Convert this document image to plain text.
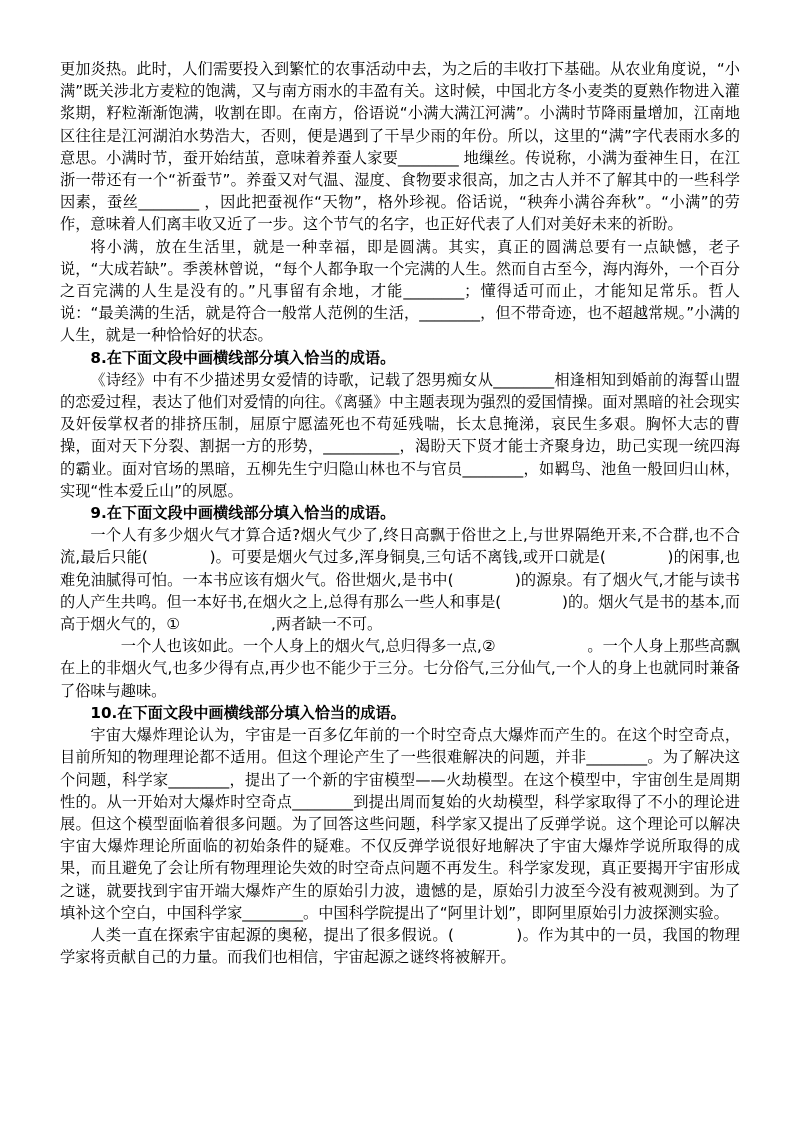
更加炎热。此时，人们需要投入到繁忙的农事活动中去，为之后的丰收打下基础。从农业角度说，“小满”既关涉北方麦粒的饱满，又与南方雨水的丰盈有关。这时候，中国北方冬小麦类的夏熟作物进入灌浆期，籽粒渐渐饱满，收割在即。在南方，俗语说“小满大满江河满”。小满时节降雨量增加，江南地区往往是江河湖泊水势浩大，否则，便是遇到了干旱少雨的年份。所以，这里的“满”字代表雨水多的意思。小满时节，蚕开始结茧，意味着养蚕人家要________ 地缫丝。传说称，小满为蚕神生日，在江浙一带还有一个“祈蚕节”。养蚕又对气温、湿度、食物要求很高，加之古人并不了解其中的一些科学因素，蚕丝________ ，因此把蚕视作“天物”，格外珍视。俗话说，“秧奔小满谷奔秋”。“小满”的劳作，意味着人们离丰收又近了一步。这个节气的名字，也正好代表了人们对美好未来的祈盼。

将小满，放在生活里，就是一种幸福，即是圆满。其实，真正的圆满总要有一点缺憾，老子说，“大成若缺”。季羡林曾说，“每个人都争取一个完满的人生。然而自古至今，海内海外，一个百分之百完满的人生是没有的。”凡事留有余地，才能________；懂得适可而止，才能知足常乐。哲人说：“最美满的生活，就是符合一般常人范例的生活，________，但不带奇迹，也不超越常规。”小满的人生，就是一种恰恰好的状态。

8.在下面文段中画横线部分填入恰当的成语。

《诗经》中有不少描述男女爱情的诗歌，记载了怨男痴女从________相逢相知到婚前的海誓山盟的恋爱过程，表达了他们对爱情的向往。《离骚》中主题表现为强烈的爱国情操。面对黑暗的社会现实及奸佞掌权者的排挤压制，屈原宁愿溘死也不苟延残喘，长太息掩涕，哀民生多艰。胸怀大志的曹操，面对天下分裂、割据一方的形势，__________，渴盼天下贤才能士齐聚身边，助己实现一统四海的霸业。面对官场的黑暗，五柳先生宁归隐山林也不与官员________，如羁鸟、池鱼一般回归山林，实现“性本爱丘山”的夙愿。

9.在下面文段中画横线部分填入恰当的成语。

一个人有多少烟火气才算合适?烟火气少了,终日高飘于俗世之上,与世界隔绝开来,不合群,也不合流,最后只能(　　　　)。可要是烟火气过多,浑身铜臭,三句话不离钱,或开口就是(　　　　)的闲事,也难免油腻得可怕。一本书应该有烟火气。俗世烟火,是书中(　　　　)的源泉。有了烟火气,才能与读书的人产生共鸣。但一本好书,在烟火之上,总得有那么一些人和事是(　　　　)的。烟火气是书的基本,而高于烟火气的，①　　　　　　,两者缺一不可。

一个人也该如此。一个人身上的烟火气,总归得多一点,②　　　　　　。一个人身上那些高飘在上的非烟火气,也多少得有点,再少也不能少于三分。七分俗气,三分仙气,一个人的身上也就同时兼备了俗味与趣味。

10.在下面文段中画横线部分填入恰当的成语。

宇宙大爆炸理论认为，宇宙是一百多亿年前的一个时空奇点大爆炸而产生的。在这个时空奇点，目前所知的物理理论都不适用。但这个理论产生了一些很难解决的问题，并非________。为了解决这个问题，科学家________，提出了一个新的宇宙模型——火劫模型。在这个模型中，宇宙创生是周期性的。从一开始对大爆炸时空奇点________到提出周而复始的火劫模型，科学家取得了不小的理论进展。但这个模型面临着很多问题。为了回答这些问题，科学家又提出了反弹学说。这个理论可以解决宇宙大爆炸理论所面临的初始条件的疑难。不仅反弹学说很好地解决了宇宙大爆炸学说所取得的成果，而且避免了会让所有物理理论失效的时空奇点问题不再发生。科学家发现，真正要揭开宇宙形成之谜，就要找到宇宙开端大爆炸产生的原始引力波，遗憾的是，原始引力波至今没有被观测到。为了填补这个空白，中国科学家________。中国科学院提出了“阿里计划”，即阿里原始引力波探测实验。

人类一直在探索宇宙起源的奥秘，提出了很多假说。(　　　　)。作为其中的一员，我国的物理学家将贡献自己的力量。而我们也相信，宇宙起源之谜终将被解开。
